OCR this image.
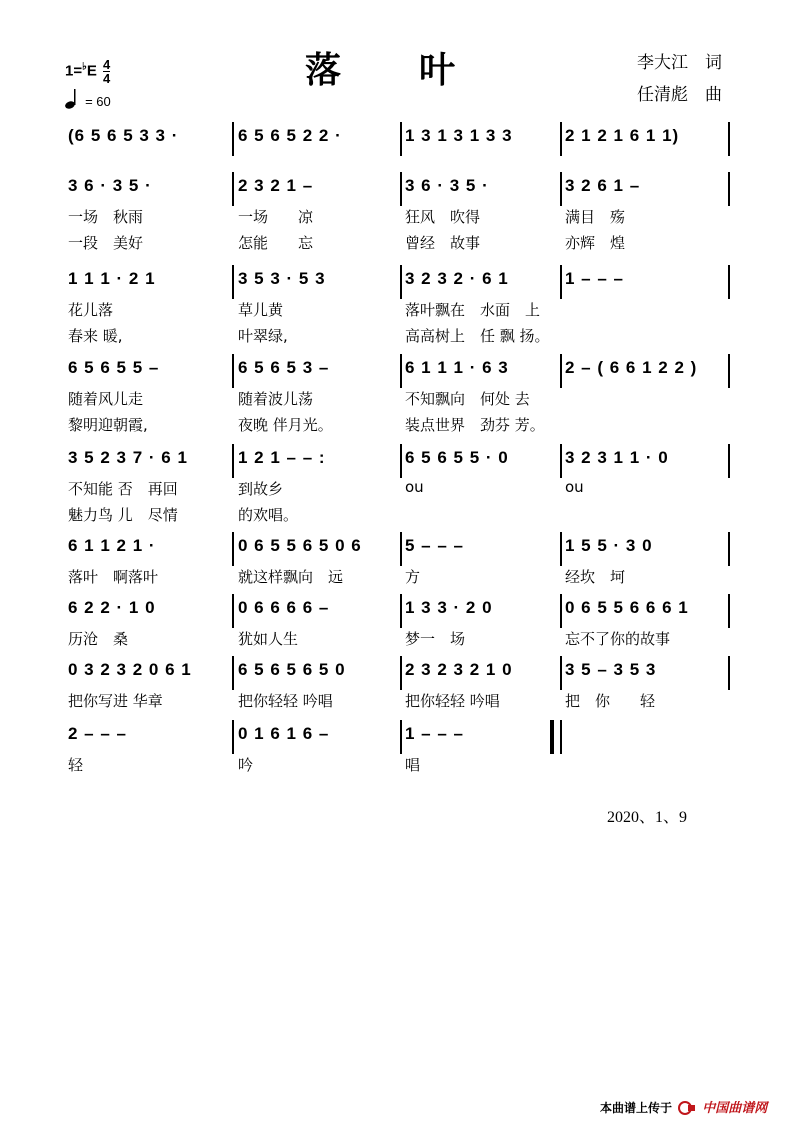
落　　叶	李大江　词
任清彪　曲
$1=^♭E \frac{4}{4}$
= 60
(6 5 6 5 3 3 ·	6 5 6 5 2 2 ·	1 3 1 3 1 3 3	2 1 2 1 6 1 1)
3 6 · 3 5 ·	2 3 2 1 –	3 6 · 3 5 ·	3 2 6 1 –
一场　秋雨	一场　　凉	狂风　吹得	满目　殇
一段　美好	怎能　　忘	曾经　故事	亦辉　煌
1 1 1 · 2 1	3 5 3 · 5 3	3 2 3 2 · 6 1	1 – – –
花儿落	草儿黄	落叶飘在　水面　上
春来 暖,	叶翠绿,	高高树上　任 飘 扬。
6 5 6 5 5 –	6 5 6 5 3 –	6 1 1 1 · 6 3	2 – ( 6 6 1 2 2 )
随着风儿走	随着波儿荡	不知飘向　何处 去
黎明迎朝霞,	夜晚 伴月光。	装点世界　劲芬 芳。
3 5 2 3 7 · 6 1	1 2 1 – – :	6 5 6 5 5 · 0	3 2 3 1 1 · 0
不知能 否　再回	到故乡	ou	ou
魅力鸟 儿　尽情	的欢唱。
6 1 1 2 1 ·	0 6 5 5 6 5 0 6	5 – – –	1 5 5 · 3 0
落叶　啊落叶	就这样飘向　远	方	经坎　坷
6 2 2 · 1 0	0 6 6 6 6 –	1 3 3 · 2 0	0 6 5 5 6 6 6 1
历沧　桑	犹如人生	梦一　场	忘不了你的故事
0 3 2 3 2 0 6 1	6 5 6 5 6 5 0	2 3 2 3 2 1 0	3 5 – 3 5 3
把你写进 华章	把你轻轻 吟唱	把你轻轻 吟唱	把　你　　轻
2 – – –	0 1 6 1 6 –	1 – – –
轻	吟	唱
2020、1、9
本曲谱上传于 中国曲谱网
